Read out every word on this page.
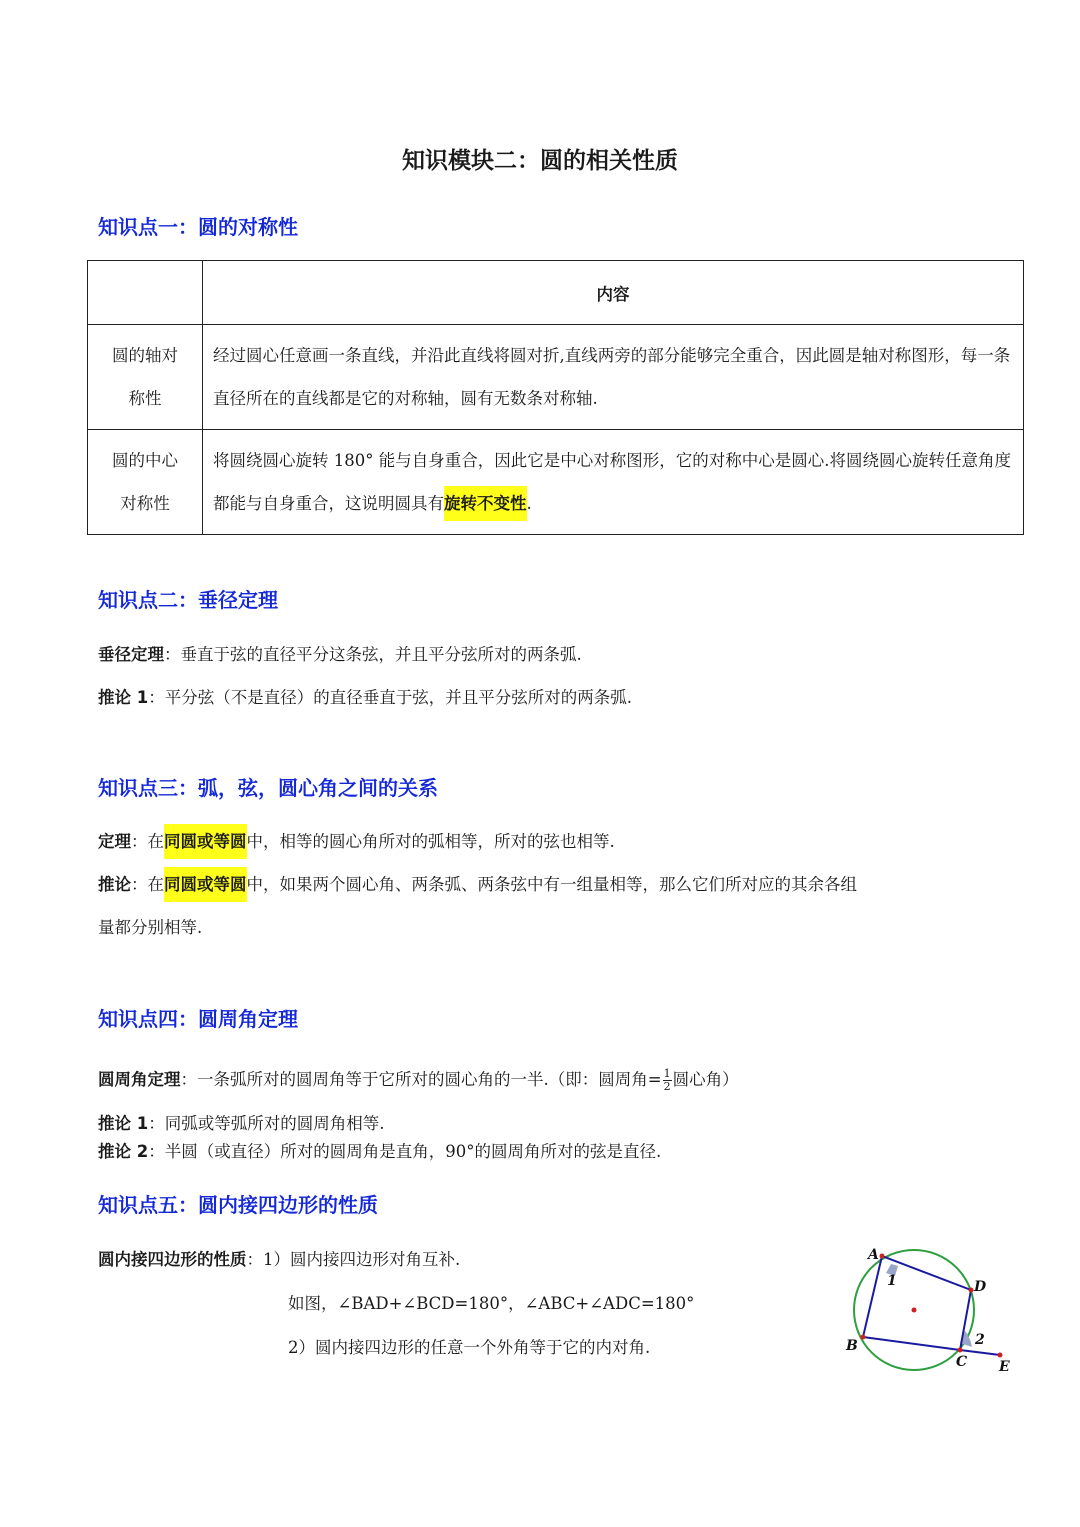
知识模块二：圆的相关性质
知识点一：圆的对称性
	内容

圆的轴对
称性	经过圆心任意画一条直线，并沿此直线将圆对折,直线两旁的部分能够完全重合，因此圆是轴对称图形，每一条直径所在的直线都是它的对称轴，圆有无数条对称轴.

圆的中心
对称性	将圆绕圆心旋转 180° 能与自身重合，因此它是中心对称图形，它的对称中心是圆心.将圆绕圆心旋转任意角度都能与自身重合，这说明圆具有旋转不变性.
知识点二：垂径定理
垂径定理：垂直于弦的直径平分这条弦，并且平分弦所对的两条弧.
推论 1：平分弦（不是直径）的直径垂直于弦，并且平分弦所对的两条弧.
知识点三：弧，弦，圆心角之间的关系
定理：在同圆或等圆中，相等的圆心角所对的弧相等，所对的弦也相等.
推论：在同圆或等圆中，如果两个圆心角、两条弧、两条弦中有一组量相等，那么它们所对应的其余各组
量都分别相等.
知识点四：圆周角定理
圆周角定理：一条弧所对的圆周角等于它所对的圆心角的一半.（即：圆周角= $\frac{1}{2}$ 圆心角）
推论 1：同弧或等弧所对的圆周角相等.
推论 2：半圆（或直径）所对的圆周角是直角，90°的圆周角所对的弦是直径.
知识点五：圆内接四边形的性质
圆内接四边形的性质：1）圆内接四边形对角互补.
如图，∠BAD+∠BCD=180°，∠ABC+∠ADC=180°
2）圆内接四边形的任意一个外角等于它的内对角.
A
D
C
B
E
1
2
